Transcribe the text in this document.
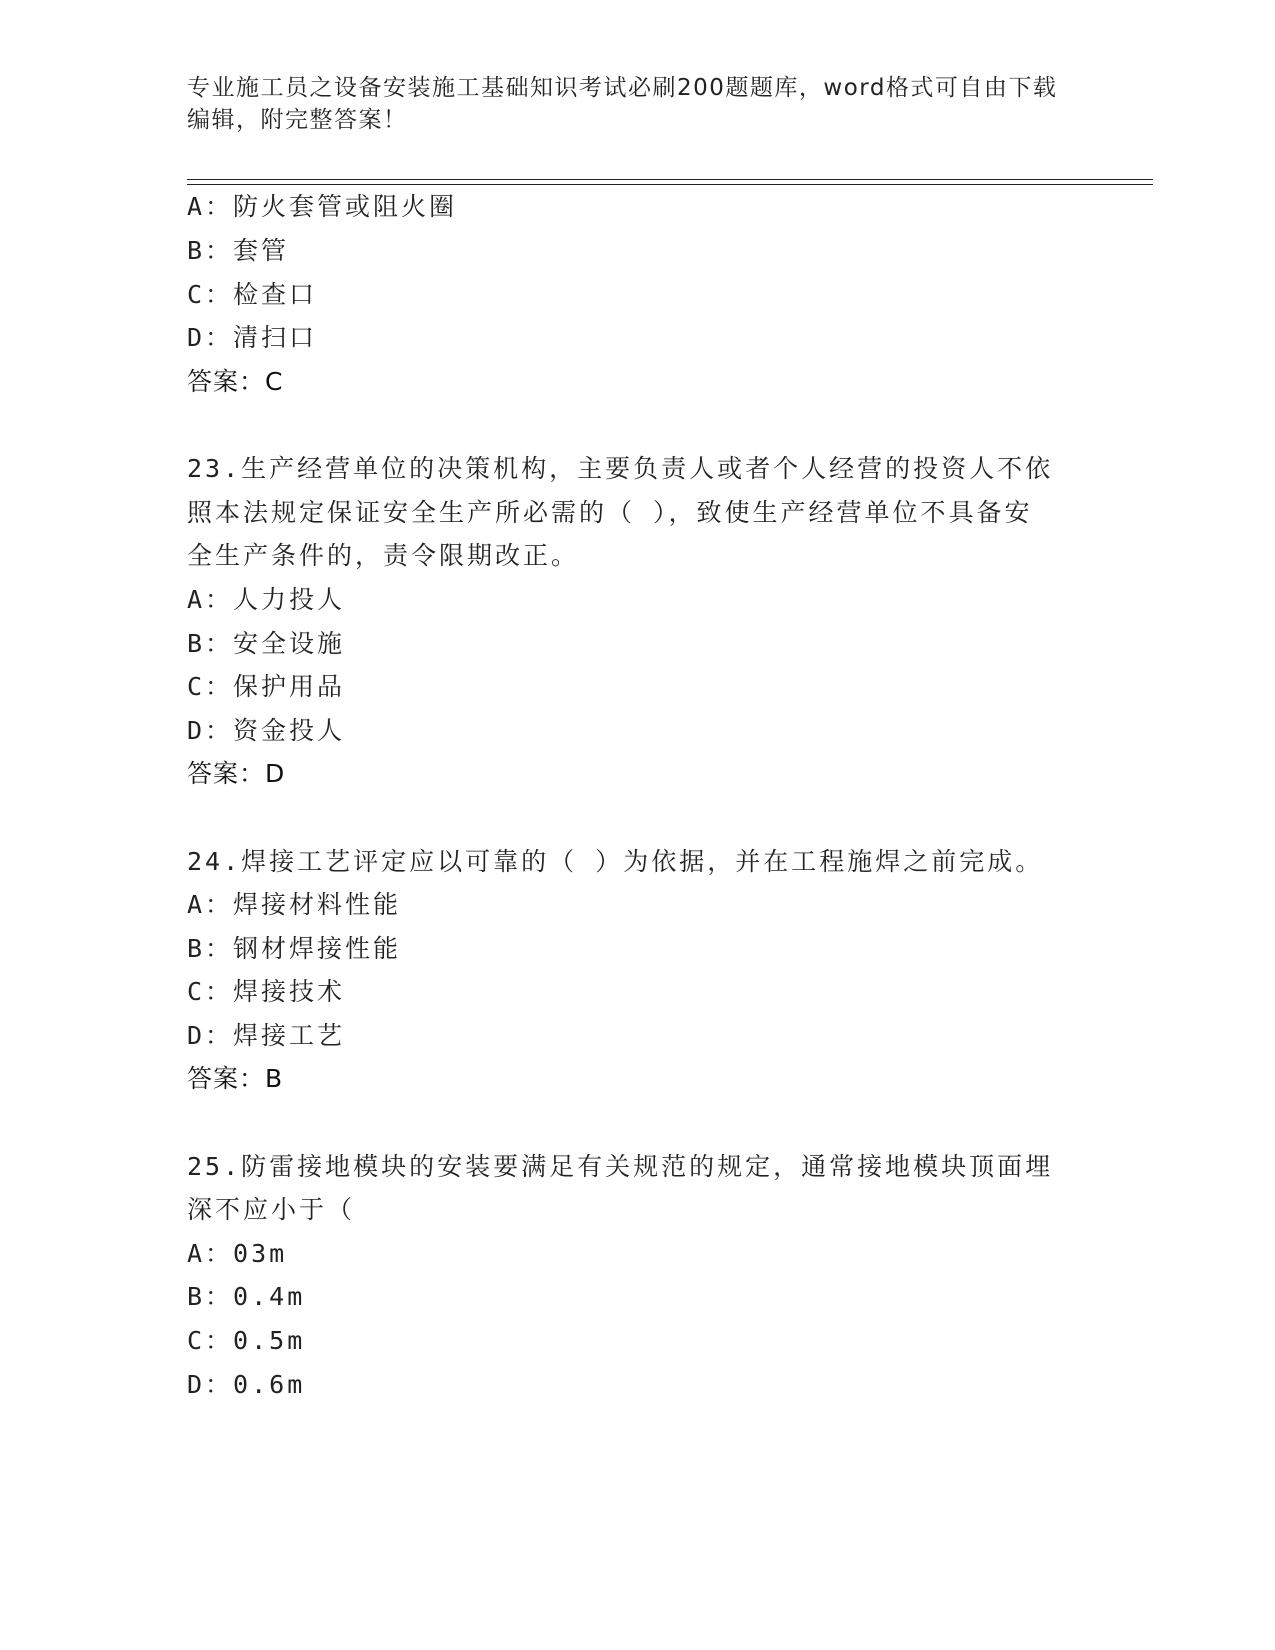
专业施工员之设备安装施工基础知识考试必刷200题题库，word格式可自由下载
编辑，附完整答案！
A：防火套管或阻火圈
B：套管
C：检查口
D：清扫口
答案：C
23.生产经营单位的决策机构，主要负责人或者个人经营的投资人不依
照本法规定保证安全生产所必需的（ ），致使生产经营单位不具备安
全生产条件的，责令限期改正。
A：人力投人
B：安全设施
C：保护用品
D：资金投人
答案：D
24.焊接工艺评定应以可靠的（ ）为依据，并在工程施焊之前完成。
A：焊接材料性能
B：钢材焊接性能
C：焊接技术
D：焊接工艺
答案：B
25.防雷接地模块的安装要满足有关规范的规定，通常接地模块顶面埋
深不应小于（
A：03m
B：0.4m
C：0.5m
D：0.6m
